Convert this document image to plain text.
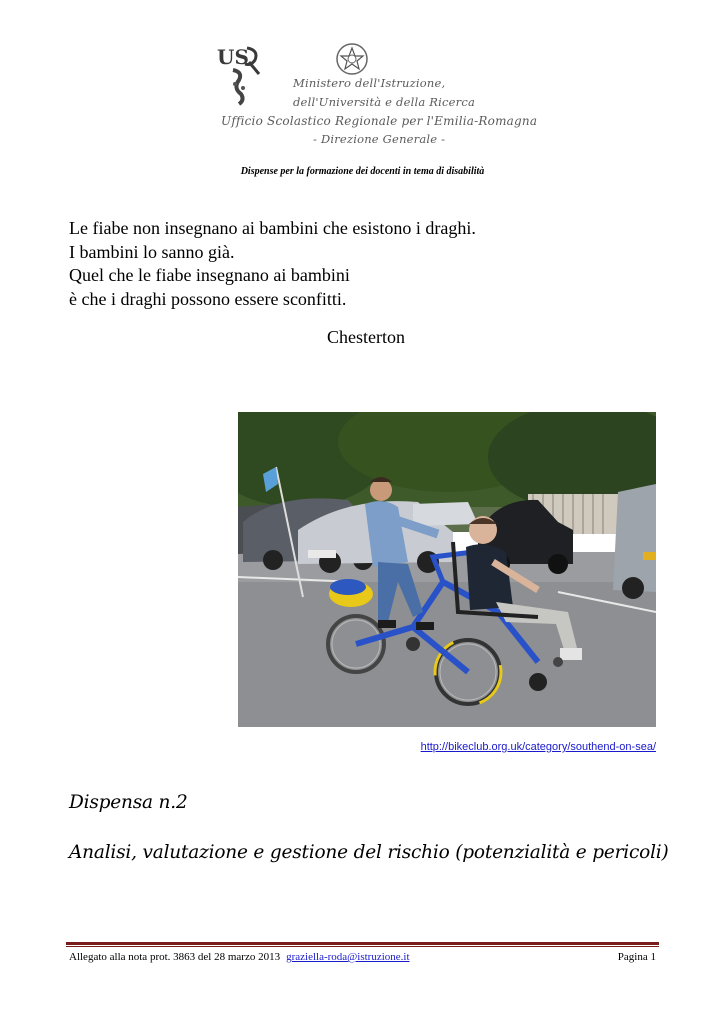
US
Ministero dell'Istruzione,
dell'Università e della Ricerca
Ufficio Scolastico Regionale per l'Emilia-Romagna
- Direzione Generale -
Dispense per la formazione dei docenti in tema di disabilità
Le fiabe non insegnano ai bambini che esistono i draghi.
I bambini lo sanno già.
Quel che le fiabe insegnano ai bambini
è che i draghi possono essere sconfitti.
Chesterton
http://bikeclub.org.uk/category/southend-on-sea/
Dispensa n.2
Analisi, valutazione e gestione del rischio (potenzialità e pericoli)
Allegato alla nota prot. 3863 del 28 marzo 2013 graziella-roda@istruzione.it	Pagina 1
